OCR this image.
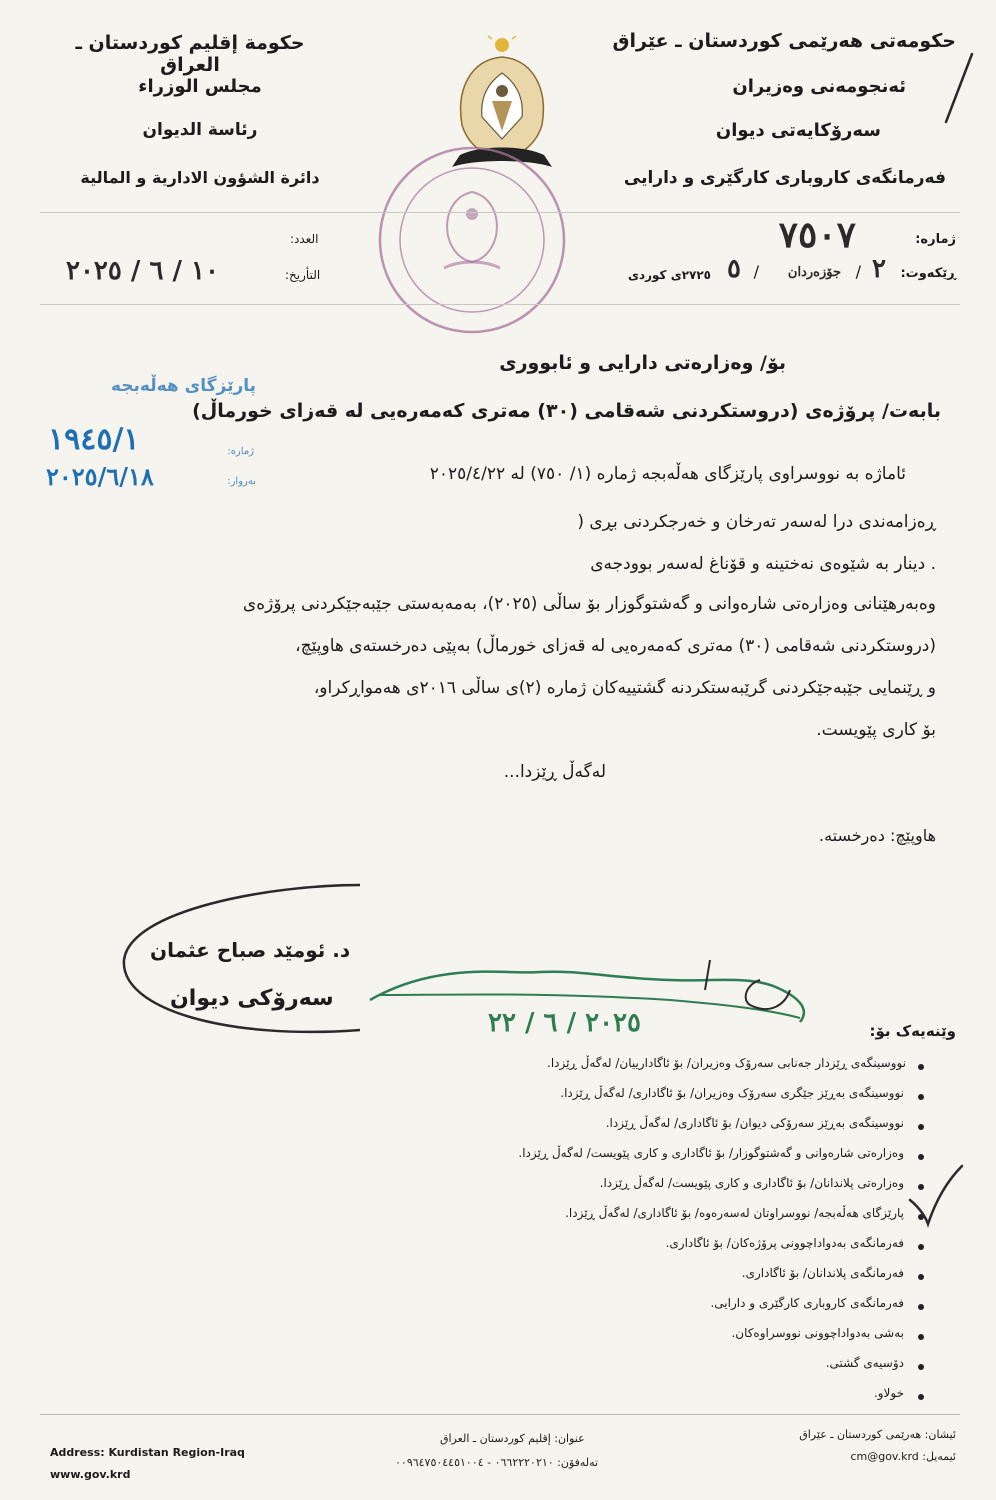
حکومەتی هەرێمی کوردستان ـ عێراق
ئەنجومەنی وەزیران
سەرۆکایەتی دیوان
فەرمانگەی کاروباری کارگێری و دارایی
حكومة إقليم كوردستان ـ العراق
مجلس الوزراء
رئاسة الديوان
دائرة الشؤون الادارية و المالية
ژمارە:
٧٥٠٧
ڕێکەوت:
٢
/
جۆزەردان
/
٥
٢٧٢٥ی کوردی
العدد:
التأريخ:
١٠ / ٦ / ٢٠٢٥
پارێزگای هەڵەبجە
ژمارە:
١٩٤٥/١
بەروار:
٢٠٢٥/٦/١٨
بۆ/ وەزارەتی دارایی و ئابووری
بابەت/ پرۆژەی (دروستکردنی شەقامی (٣٠) مەتری کەمەرەیی لە قەزای خورماڵ)
ئاماژە بە نووسراوی پارێزگای هەڵەبجە ژمارە (١/ ٧٥٠) لە ٢٠٢٥/٤/٢٢
ڕەزامەندی درا لەسەر تەرخان و خەرجکردنی بڕی (
. دینار بە شێوەی نەختینە و قۆناغ لەسەر بوودجەی
وەبەرهێنانی وەزارەتی شارەوانی و گەشتوگوزار بۆ ساڵی (٢٠٢٥)، بەمەبەستی جێبەجێکردنی پرۆژەی
(دروستکردنی شەقامی (٣٠) مەتری کەمەرەیی لە قەزای خورماڵ) بەپێی دەرخستەی هاوپێچ،
و ڕێنمایی جێبەجێکردنی گرێبەستکردنە گشتییەکان ژمارە (٢)ی ساڵی ٢٠١٦ی هەمواڕکراو،
بۆ کاری پێویست.
لەگەڵ ڕێزدا...
هاوپێچ: دەرخستە.
د. ئومێد صباح عثمان
سەرۆکی دیوان
٢٠٢٥ / ٦ / ٢٢	وێنەیەک بۆ:
نووسینگەی ڕێزدار جەنابی سەرۆک وەزیران/ بۆ ئاگادارییان/ لەگەڵ ڕێزدا.
نووسینگەی بەڕێز جێگری سەرۆک وەزیران/ بۆ ئاگاداری/ لەگەڵ ڕێزدا.
نووسینگەی بەڕێز سەرۆکی دیوان/ بۆ ئاگاداری/ لەگەڵ ڕێزدا.
وەزارەتی شارەوانی و گەشتوگوزار/ بۆ ئاگاداری و کاری پێویست/ لەگەڵ ڕێزدا.
وەزارەتی پلاندانان/ بۆ ئاگاداری و کاری پێویست/ لەگەڵ ڕێزدا.
پارێزگای هەڵەبجە/ نووسراوتان لەسەرەوە/ بۆ ئاگاداری/ لەگەڵ ڕێزدا.
فەرمانگەی بەدواداچوونی پرۆژەکان/ بۆ ئاگاداری.
فەرمانگەی پلاندانان/ بۆ ئاگاداری.
فەرمانگەی کاروباری کارگێری و دارایی.
بەشی بەدواداچوونی نووسراوەکان.
دۆسیەی گشتی.
خولاو.
ئیشان: هەرێمی کوردستان ـ عێراق
ئیمەیل: cm@gov.krd
عنوان: إقليم كوردستان ـ العراق
تەلەفۆن: ٠٦٦٢٢٢٠٢١٠ - ٠٠٩٦٤٧٥٠٤٤٥١٠٠٤
Address: Kurdistan Region-Iraq
www.gov.krd
